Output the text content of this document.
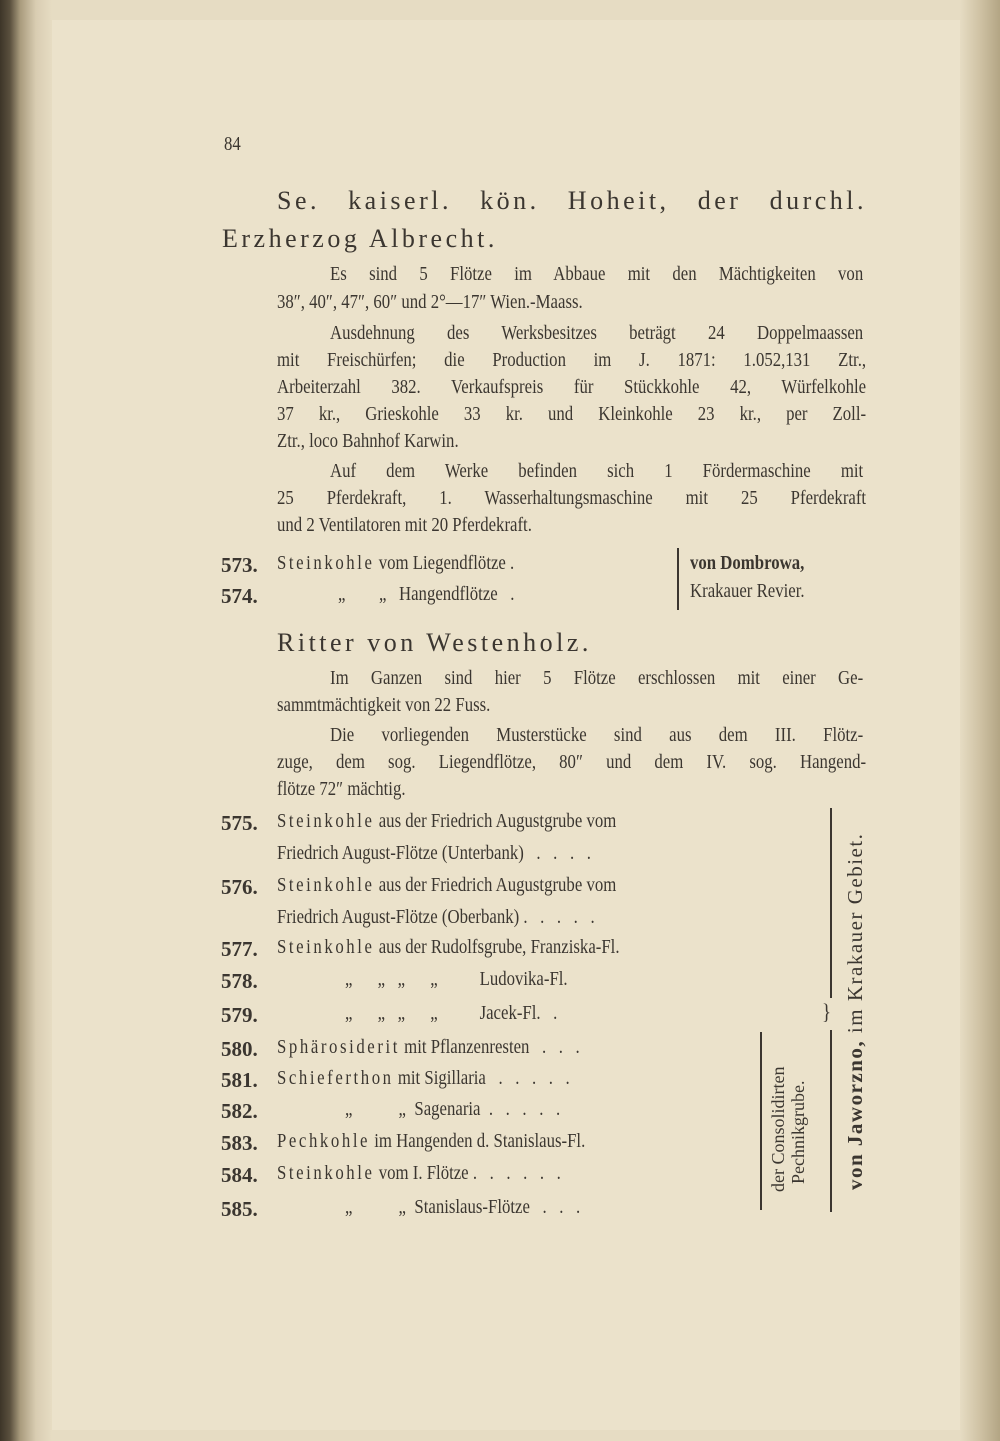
84
Se. kaiserl. kön. Hoheit, der durchl.
Erzherzog Albrecht.
Es sind 5 Flötze im Abbaue mit den Mächtigkeiten von
38″, 40″, 47″, 60″ und 2°—17″ Wien.-Maass.
Ausdehnung des Werksbesitzes beträgt 24 Doppelmaassen
mit Freischürfen; die Production im J. 1871: 1.052,131 Ztr.,
Arbeiterzahl 382. Verkaufspreis für Stückkohle 42, Würfelkohle
37 kr., Grieskohle 33 kr. und Kleinkohle 23 kr., per Zoll-
Ztr., loco Bahnhof Karwin.
Auf dem Werke befinden sich 1 Fördermaschine mit
25 Pferdekraft, 1. Wasserhaltungsmaschine mit 25 Pferdekraft
und 2 Ventilatoren mit 20 Pferdekraft.
573. Steinkohle vom Liegendflötze .
574.	„        „   Hangendflötze   .
von Dombrowa,
Krakauer Revier.
Ritter von Westenholz.
Im Ganzen sind hier 5 Flötze erschlossen mit einer Ge-
sammtmächtigkeit von 22 Fuss.
Die vorliegenden Musterstücke sind aus dem III. Flötz-
zuge, dem sog. Liegendflötze, 80″ und dem IV. sog. Hangend-
flötze 72″ mächtig.
575. Steinkohle aus der Friedrich Augustgrube vom
Friedrich August-Flötze (Unterbank)   .   .   .   .
576. Steinkohle aus der Friedrich Augustgrube vom
Friedrich August-Flötze (Oberbank) .   .   .   .   .
577. Steinkohle aus der Rudolfsgrube, Franziska-Fl.
578.	„      „   „      „          Ludovika-Fl.
579.	„      „   „      „          Jacek-Fl.   .
580. Sphärosiderit mit Pflanzenresten   .   .   .
581. Schieferthon mit Sigillaria   .   .   .   .   .
582.	„           „  Sagenaria  .   .   .   .   .
583. Pechkohle im Hangenden d. Stanislaus-Fl.
584. Steinkohle vom I. Flötze .   .   .   .   .   .
585.	„           „  Stanislaus-Flötze   .   .   .
}
von Jaworzno, im Krakauer Gebiet.
der Consolidirten Pechnikgrube.
